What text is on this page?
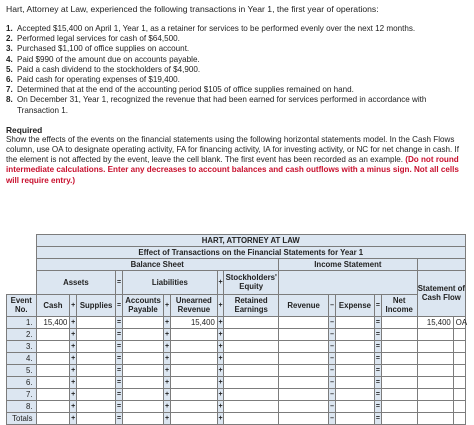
Hart, Attorney at Law, experienced the following transactions in Year 1, the first year of operations:

1. Accepted $15,400 on April 1, Year 1, as a retainer for services to be performed evenly over the next 12 months.
2. Performed legal services for cash of $64,500.
3. Purchased $1,100 of office supplies on account.
4. Paid $990 of the amount due on accounts payable.
5. Paid a cash dividend to the stockholders of $4,900.
6. Paid cash for operating expenses of $19,400.
7. Determined that at the end of the accounting period $105 of office supplies remained on hand.
8. On December 31, Year 1, recognized the revenue that had been earned for services performed in accordance with Transaction 1.

Required

Show the effects of the events on the financial statements using the following horizontal statements model. In the Cash Flows column, use OA to designate operating activity, FA for financing activity, IA for investing activity, or NC for net change in cash. If the element is not affected by the event, leave the cell blank. The first event has been recorded as an example. (Do not round intermediate calculations. Enter any decreases to account balances and cash outflows with a minus sign. Not all cells will require entry.)

	HART, ATTORNEY AT LAW															
	Effect of Transactions on the Financial Statements for Year 1															
	Balance Sheet									Income Statement						
	Assets			=	Liabilities			+	Stockholders' Equity						Statement of Cash Flow	
Event No.	Cash	+	Supplies	=	Accounts Payable	+	Unearned Revenue	+	Retained Earnings	Revenue	–	Expense	=	Net Income		
1.	15,400	+		=		+	15,400	+			–		=		15,400	OA
2.		+		=		+		+			–		=			
3.		+		=		+		+			–		=			
4.		+		=		+		+			–		=			
5.		+		=		+		+			–		=			
6.		+		=		+		+			–		=			
7.		+		=		+		+			–		=			
8.		+		=		+		+			–		=			
Totals		+		=		+		+			–		=			
